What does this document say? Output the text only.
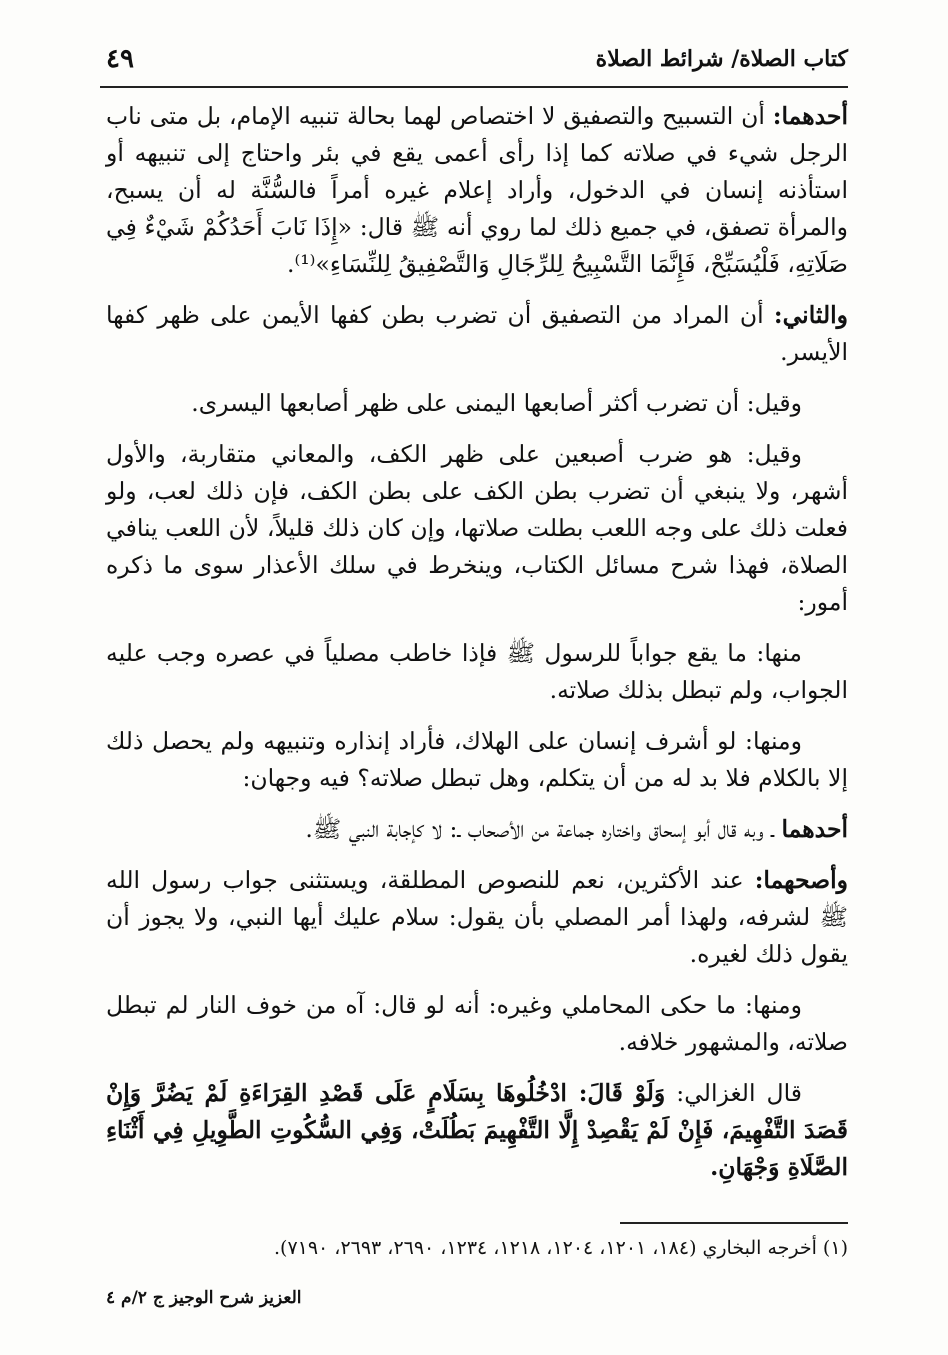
٤٩	كتاب الصلاة/ شرائط الصلاة

أحدهما: أن التسبيح والتصفيق لا اختصاص لهما بحالة تنبيه الإمام، بل متى ناب الرجل شيء في صلاته كما إذا رأى أعمى يقع في بئر واحتاج إلى تنبيهه أو استأذنه إنسان في الدخول، وأراد إعلام غيره أمراً فالسُّنَّة له أن يسبح، والمرأة تصفق، في جميع ذلك لما روي أنه ﷺ قال: «إِذَا نَابَ أَحَدُكُمْ شَيْءٌ فِي صَلَاتِهِ، فَلْيُسَبِّحْ، فَإِنَّمَا التَّسْبِيحُ لِلرِّجَالِ وَالتَّصْفِيقُ لِلنِّسَاءِ»⁽¹⁾.

والثاني: أن المراد من التصفيق أن تضرب بطن كفها الأيمن على ظهر كفها الأيسر.

وقيل: أن تضرب أكثر أصابعها اليمنى على ظهر أصابعها اليسرى.

وقيل: هو ضرب أصبعين على ظهر الكف، والمعاني متقاربة، والأول أشهر، ولا ينبغي أن تضرب بطن الكف على بطن الكف، فإن ذلك لعب، ولو فعلت ذلك على وجه اللعب بطلت صلاتها، وإن كان ذلك قليلاً، لأن اللعب ينافي الصلاة، فهذا شرح مسائل الكتاب، وينخرط في سلك الأعذار سوى ما ذكره أمور:

منها: ما يقع جواباً للرسول ﷺ فإذا خاطب مصلياً في عصره وجب عليه الجواب، ولم تبطل بذلك صلاته.

ومنها: لو أشرف إنسان على الهلاك، فأراد إنذاره وتنبيهه ولم يحصل ذلك إلا بالكلام فلا بد له من أن يتكلم، وهل تبطل صلاته؟ فيه وجهان:

أحدهما ـ وبه قال أبو إسحاق واختاره جماعة من الأصحاب ـ: لا كإجابة النبي ﷺ.

وأصحهما: عند الأكثرين، نعم للنصوص المطلقة، ويستثنى جواب رسول الله ﷺ لشرفه، ولهذا أمر المصلي بأن يقول: سلام عليك أيها النبي، ولا يجوز أن يقول ذلك لغيره.

ومنها: ما حكى المحاملي وغيره: أنه لو قال: آه من خوف النار لم تبطل صلاته، والمشهور خلافه.

قال الغزالي: وَلَوْ قَالَ: ادْخُلُوهَا بِسَلَامٍ عَلَى قَصْدِ القِرَاءَةِ لَمْ يَضُرَّ وَإِنْ قَصَدَ التَّفْهِيمَ، فَإِنْ لَمْ يَقْصِدْ إِلَّا التَّفْهِيمَ بَطُلَتْ، وَفِي السُّكُوتِ الطَّوِيلِ فِي أَثْنَاءِ الصَّلَاةِ وَجْهَانِ.

(١) أخرجه البخاري (١٨٤، ١٢٠١، ١٢٠٤، ١٢١٨، ١٢٣٤، ٢٦٩٠، ٢٦٩٣، ٧١٩٠).
العزيز شرح الوجيز ج ٢/م ٤
